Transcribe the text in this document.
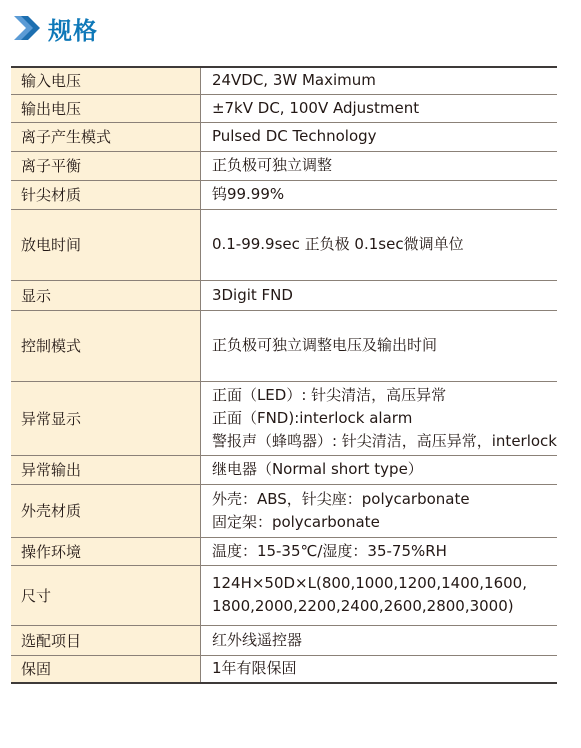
规格
输入电压	24VDC, 3W Maximum

输出电压	±7kV DC, 100V Adjustment

离子产生模式	Pulsed DC Technology

离子平衡	正负极可独立调整

针尖材质	钨99.99%

放电时间	0.1-99.9sec 正负极 0.1sec微调单位

显示	3Digit FND

控制模式	正负极可独立调整电压及输出时间

异常显示	正面（LED）: 针尖清洁，高压异常
正面（FND):interlock alarm
警报声（蜂鸣器）: 针尖清洁，高压异常，interlock

异常输出	继电器（Normal short type）

外壳材质	外壳：ABS，针尖座：polycarbonate
固定架：polycarbonate

操作环境	温度：15-35℃/湿度：35-75%RH

尺寸	124H×50D×L(800,1000,1200,1400,1600,
1800,2000,2200,2400,2600,2800,3000)

选配项目	红外线遥控器

保固	1年有限保固
